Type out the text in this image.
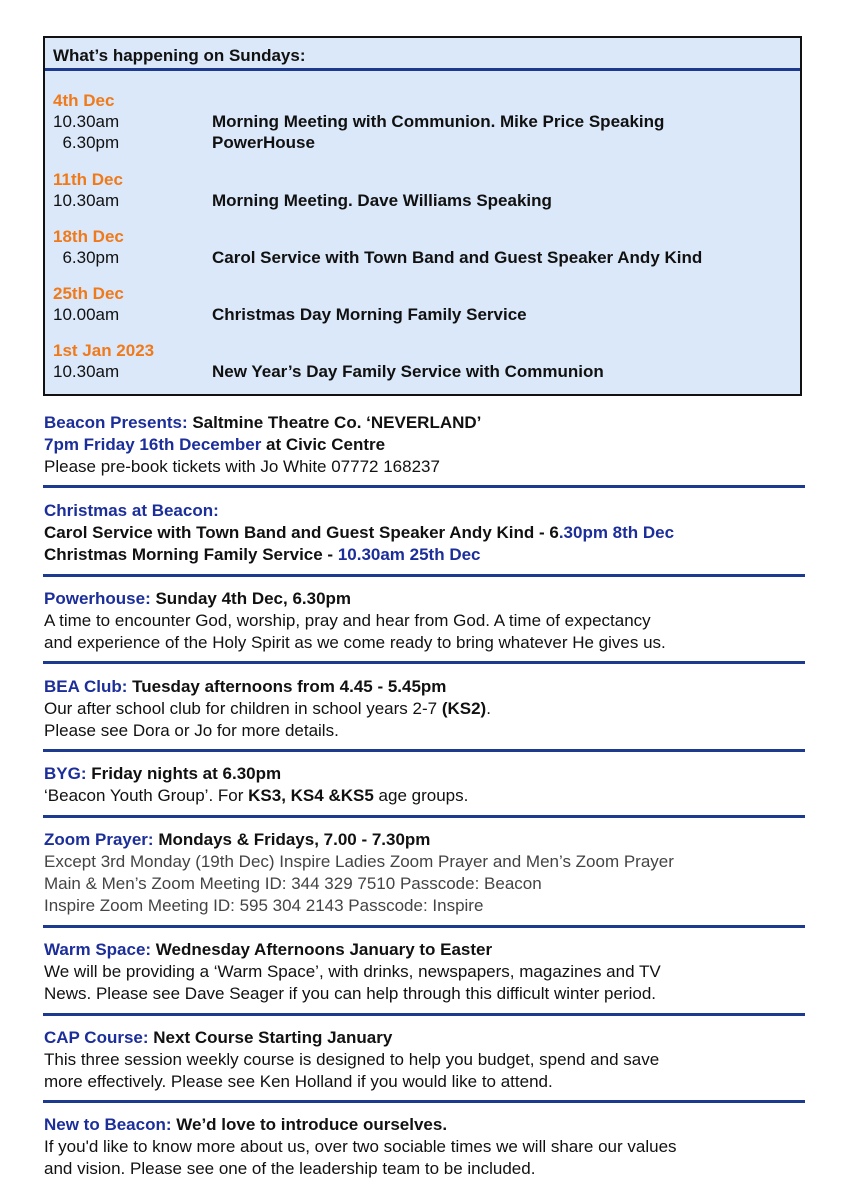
What’s happening on Sundays:
4th Dec
10.30am	Morning Meeting with Communion. Mike Price Speaking
6.30pm	PowerHouse
11th Dec
10.30am	Morning Meeting. Dave Williams Speaking
18th Dec
6.30pm	Carol Service with Town Band and Guest Speaker Andy Kind
25th Dec
10.00am	Christmas Day Morning Family Service
1st Jan 2023
10.30am	New Year’s Day Family Service with Communion
Beacon Presents: Saltmine Theatre Co. ‘NEVERLAND’
7pm Friday 16th December at Civic Centre
Please pre-book tickets with Jo White 07772 168237
Christmas at Beacon:
Carol Service with Town Band and Guest Speaker Andy Kind - 6.30pm 8th Dec
Christmas Morning Family Service - 10.30am 25th Dec
Powerhouse: Sunday 4th Dec, 6.30pm
A time to encounter God, worship, pray and hear from God. A time of expectancy
and experience of the Holy Spirit as we come ready to bring whatever He gives us.
BEA Club: Tuesday afternoons from 4.45 - 5.45pm
Our after school club for children in school years 2-7 (KS2).
Please see Dora or Jo for more details.
BYG: Friday nights at 6.30pm
‘Beacon Youth Group’. For KS3, KS4 &KS5 age groups.
Zoom Prayer: Mondays & Fridays, 7.00 - 7.30pm
Except 3rd Monday (19th Dec) Inspire Ladies Zoom Prayer and Men’s Zoom Prayer
Main & Men’s Zoom Meeting ID: 344 329 7510 Passcode: Beacon
Inspire Zoom Meeting ID: 595 304 2143 Passcode: Inspire
Warm Space: Wednesday Afternoons January to Easter
We will be providing a ‘Warm Space’, with drinks, newspapers, magazines and TV
News. Please see Dave Seager if you can help through this difficult winter period.
CAP Course: Next Course Starting January
This three session weekly course is designed to help you budget, spend and save
more effectively. Please see Ken Holland if you would like to attend.
New to Beacon: We’d love to introduce ourselves.
If you'd like to know more about us, over two sociable times we will share our values
and vision. Please see one of the leadership team to be included.
